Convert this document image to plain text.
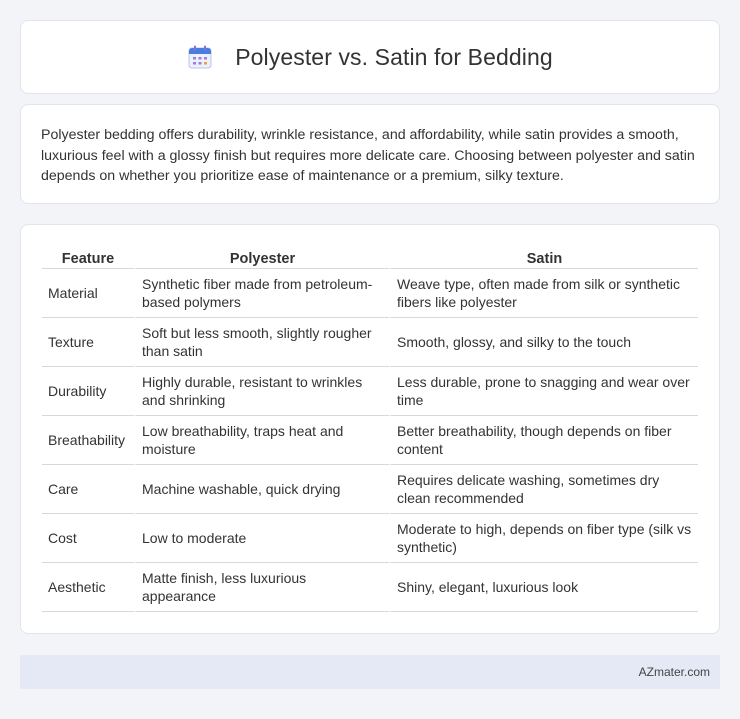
Polyester vs. Satin for Bedding

Polyester bedding offers durability, wrinkle resistance, and affordability, while satin provides a smooth, luxurious feel with a glossy finish but requires more delicate care. Choosing between polyester and satin depends on whether you prioritize ease of maintenance or a premium, silky texture.

Feature	Polyester	Satin
Material	Synthetic fiber made from petroleum-based polymers	Weave type, often made from silk or synthetic fibers like polyester
Texture	Soft but less smooth, slightly rougher than satin	Smooth, glossy, and silky to the touch
Durability	Highly durable, resistant to wrinkles and shrinking	Less durable, prone to snagging and wear over time
Breathability	Low breathability, traps heat and moisture	Better breathability, though depends on fiber content
Care	Machine washable, quick drying	Requires delicate washing, sometimes dry clean recommended
Cost	Low to moderate	Moderate to high, depends on fiber type (silk vs synthetic)
Aesthetic	Matte finish, less luxurious appearance	Shiny, elegant, luxurious look
AZmater.com
